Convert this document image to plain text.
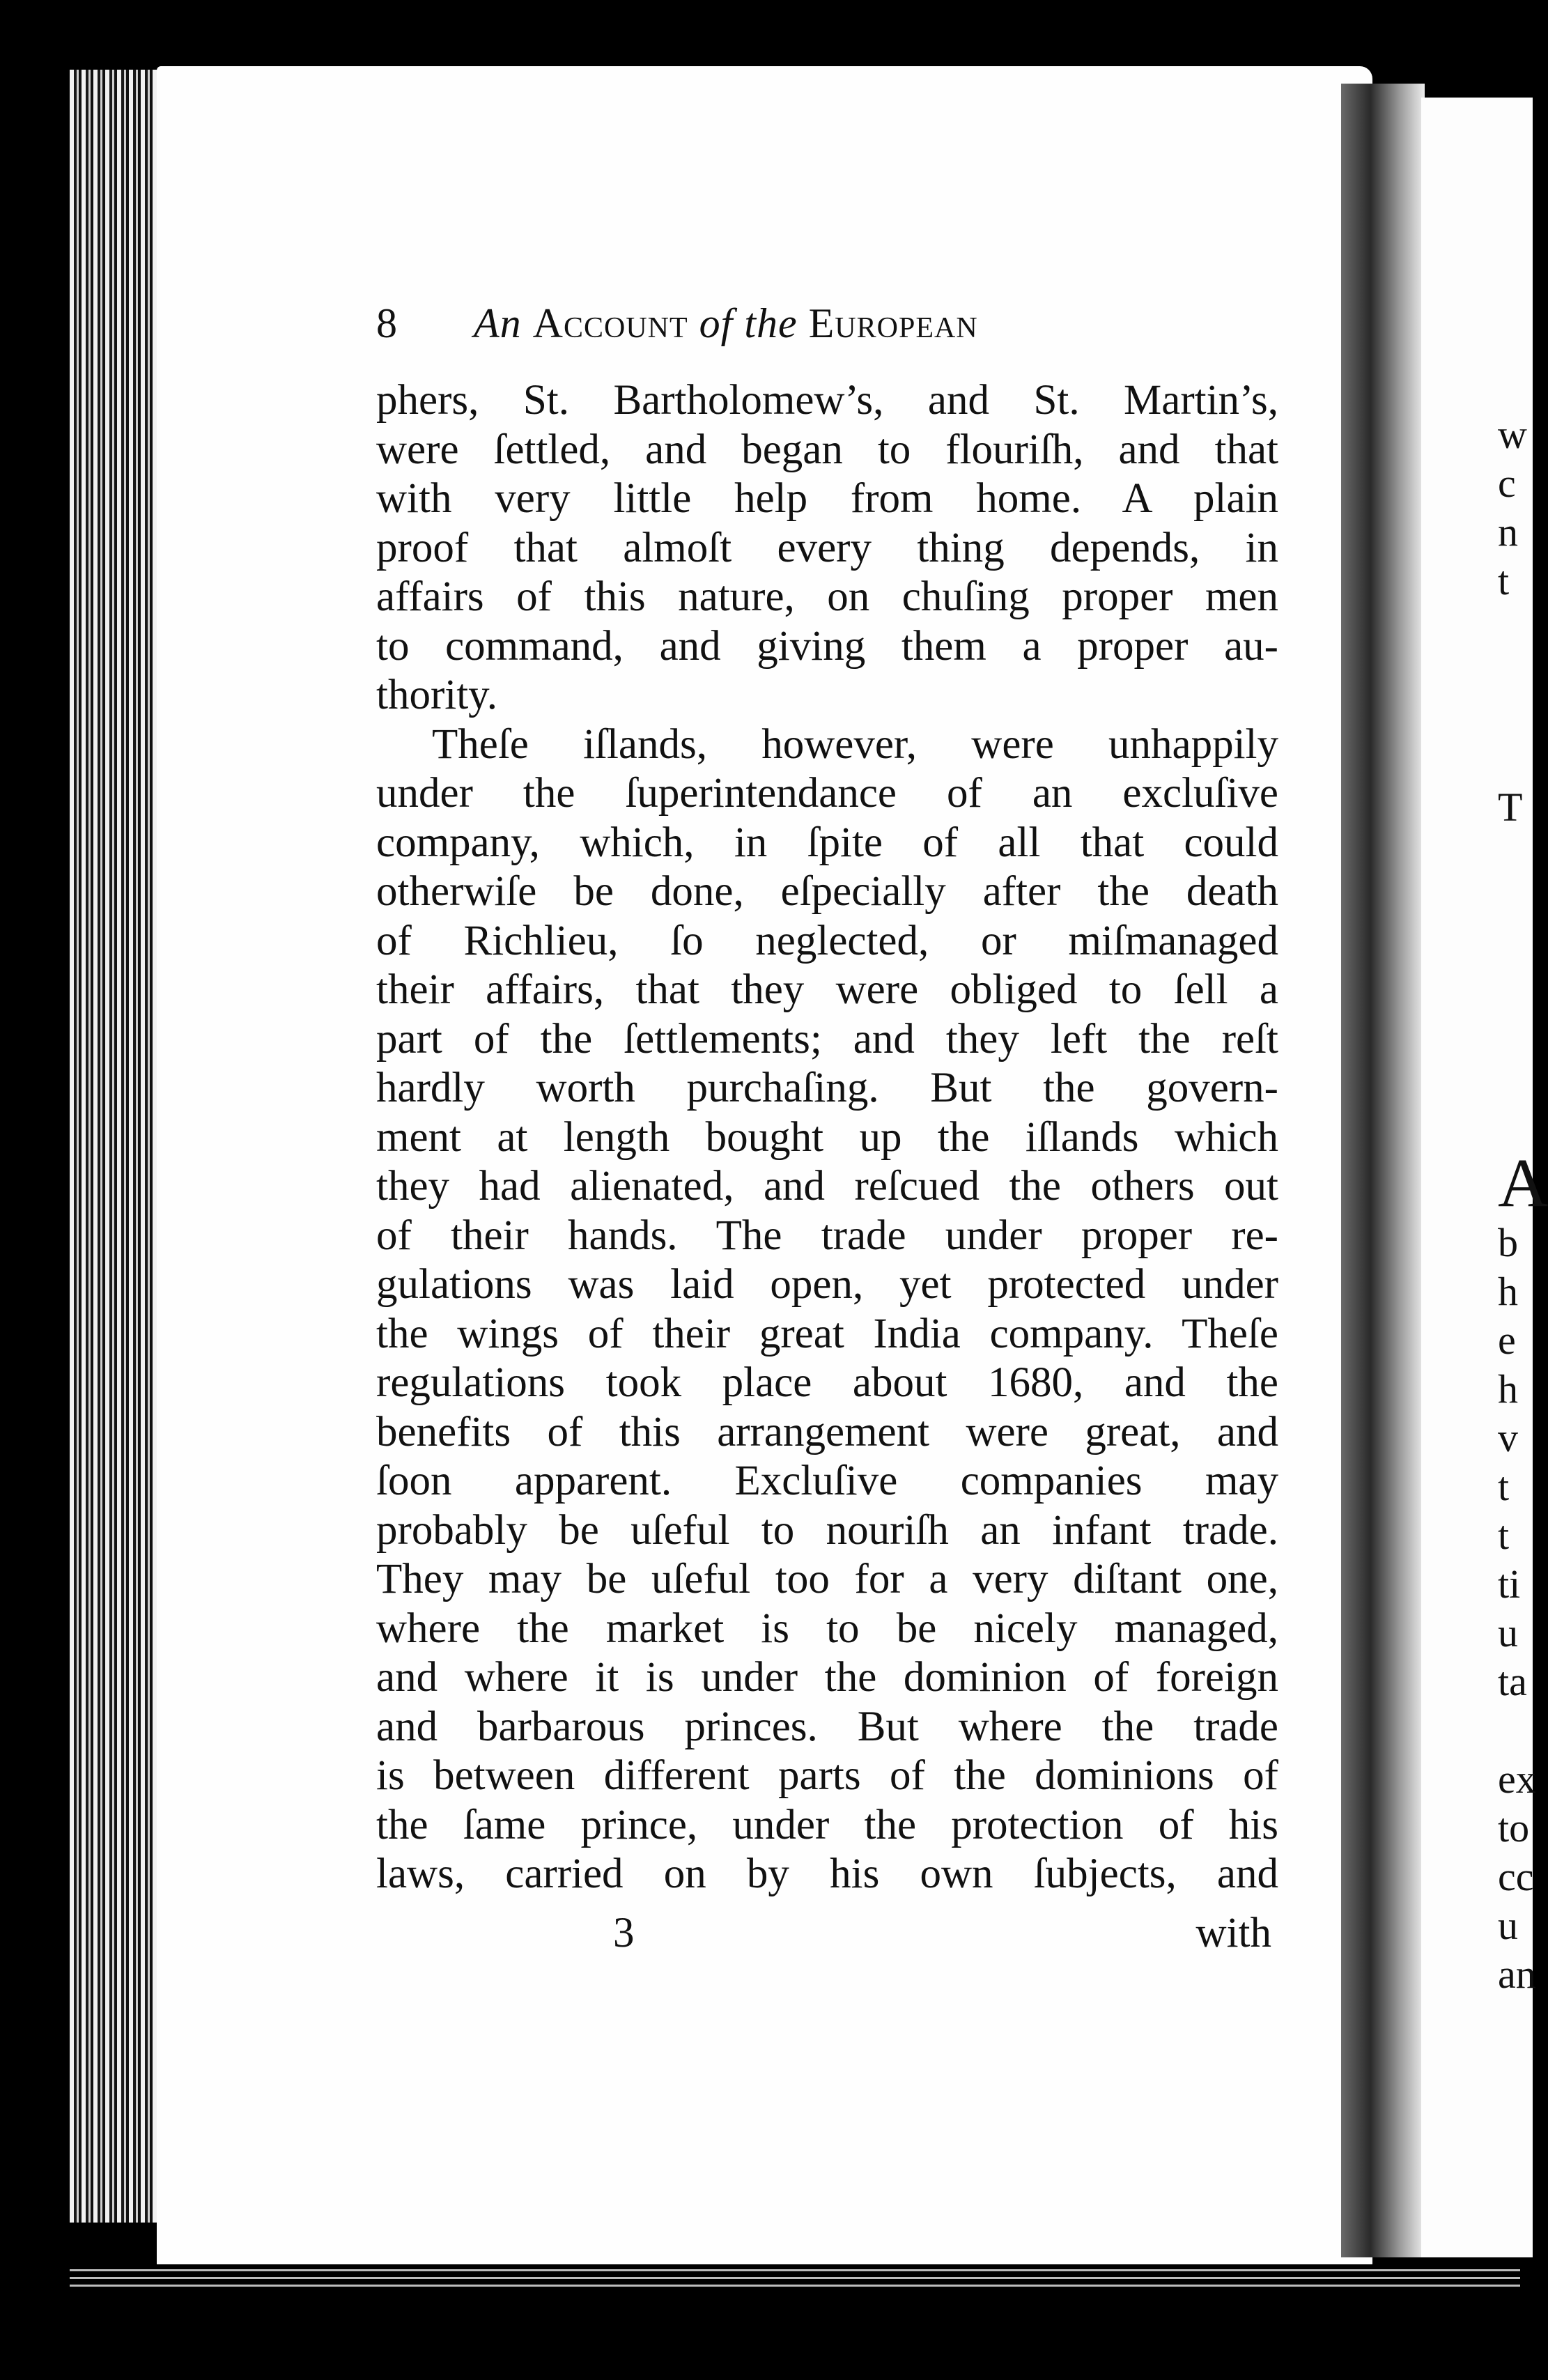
w
c
n
t
T
A
b
h
e
h
v
t
t
ti
u
ta
ex
to
cc
u
an
8	An Account of the European
phers, St. Bartholomew’s, and St. Martin’s,
were ſettled, and began to flouriſh, and that
with very little help from home. A plain
proof that almoſt every thing depends, in
affairs of this nature, on chuſing proper men
to command, and giving them a proper au-
thority.
Theſe iſlands, however, were unhappily
under the ſuperintendance of an excluſive
company, which, in ſpite of all that could
otherwiſe be done, eſpecially after the death
of Richlieu, ſo neglected, or miſmanaged
their affairs, that they were obliged to ſell a
part of the ſettlements; and they left the reſt
hardly worth purchaſing. But the govern-
ment at length bought up the iſlands which
they had alienated, and reſcued the others out
of their hands. The trade under proper re-
gulations was laid open, yet protected under
the wings of their great India company. Theſe
regulations took place about 1680, and the
benefits of this arrangement were great, and
ſoon apparent. Excluſive companies may
probably be uſeful to nouriſh an infant trade.
They may be uſeful too for a very diſtant one,
where the market is to be nicely managed,
and where it is under the dominion of foreign
and barbarous princes. But where the trade
is between different parts of the dominions of
the ſame prince, under the protection of his
laws, carried on by his own ſubjects, and
3	with
